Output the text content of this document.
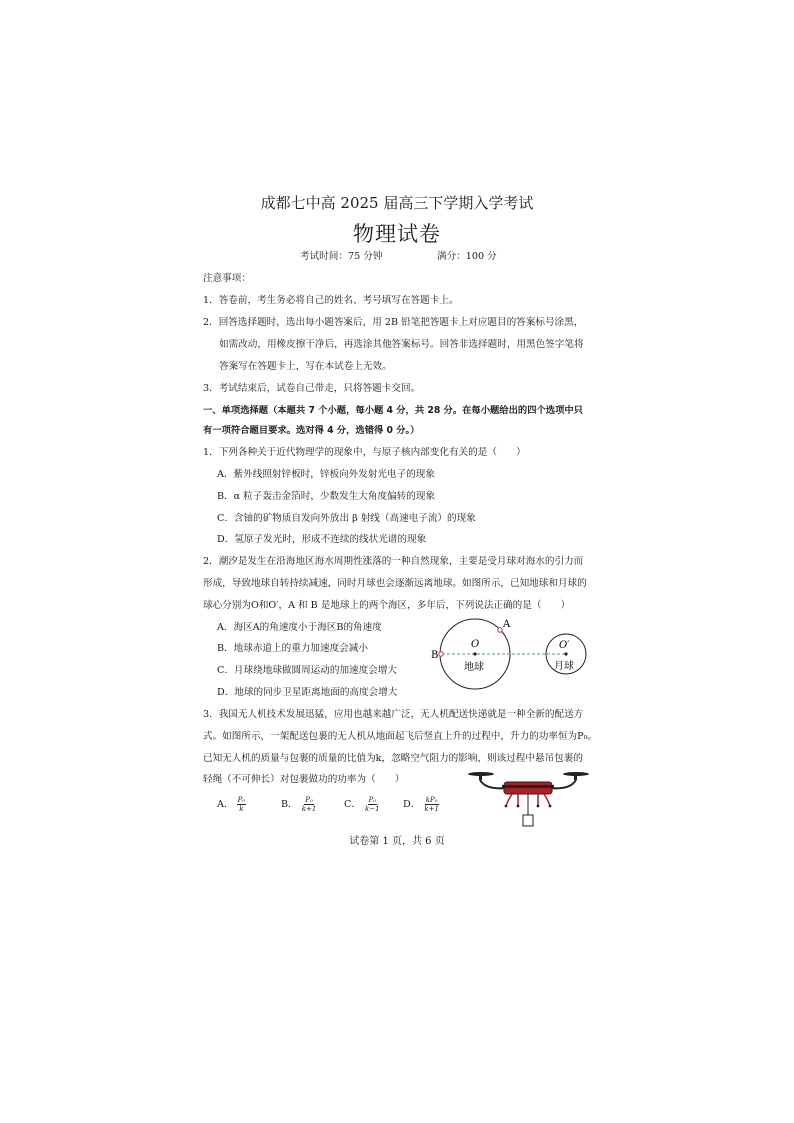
成都七中高 2025 届高三下学期入学考试
物理试卷
考试时间：75 分钟	满分：100 分
注意事项：
1．答卷前，考生务必将自己的姓名、考号填写在答题卡上。
2．回答选择题时，选出每小题答案后，用 2B 铅笔把答题卡上对应题目的答案标号涂黑，
如需改动，用橡皮擦干净后，再选涂其他答案标号。回答非选择题时，用黑色签字笔将
答案写在答题卡上，写在本试卷上无效。
3．考试结束后，试卷自己带走，只将答题卡交回。
一、单项选择题（本题共 7 个小题，每小题 4 分，共 28 分。在每小题给出的四个选项中只
有一项符合题目要求。选对得 4 分，选错得 0 分。）
1．下列各种关于近代物理学的现象中，与原子核内部变化有关的是（　　）
A．紫外线照射锌板时，锌板向外发射光电子的现象
B．α 粒子轰击金箔时，少数发生大角度偏转的现象
C．含铀的矿物质自发向外放出 β 射线（高速电子流）的现象
D．氢原子发光时，形成不连续的线状光谱的现象
2．潮汐是发生在沿海地区海水周期性涨落的一种自然现象，主要是受月球对海水的引力而
形成，导致地球自转持续减速，同时月球也会逐渐远离地球。如图所示，已知地球和月球的
球心分别为O和O′，A 和 B 是地球上的两个海区，多年后，下列说法正确的是（　　）
A．海区A的角速度小于海区B的角速度
B．地球赤道上的重力加速度会减小
C．月球绕地球做圆周运动的加速度会增大
D．地球的同步卫星距离地面的高度会增大
A
B
O	O′
地球	月球
3．我国无人机技术发展迅猛，应用也越来越广泛，无人机配送快递就是一种全新的配送方
式。如图所示，一架配送包裹的无人机从地面起飞后竖直上升的过程中，升力的功率恒为P₀。
已知无人机的质量与包裹的质量的比值为k，忽略空气阻力的影响，则该过程中悬吊包裹的
轻绳（不可伸长）对包裹做功的功率为（　　）
A． $\frac{\text{P₀}}{k}$	B． $\frac{\text{P₀}}{k+1}$	C． $\frac{\text{P₀}}{k-1}$ D． $\frac{\text{kP₀}}{k+1}$
试卷第 1 页，共 6 页
